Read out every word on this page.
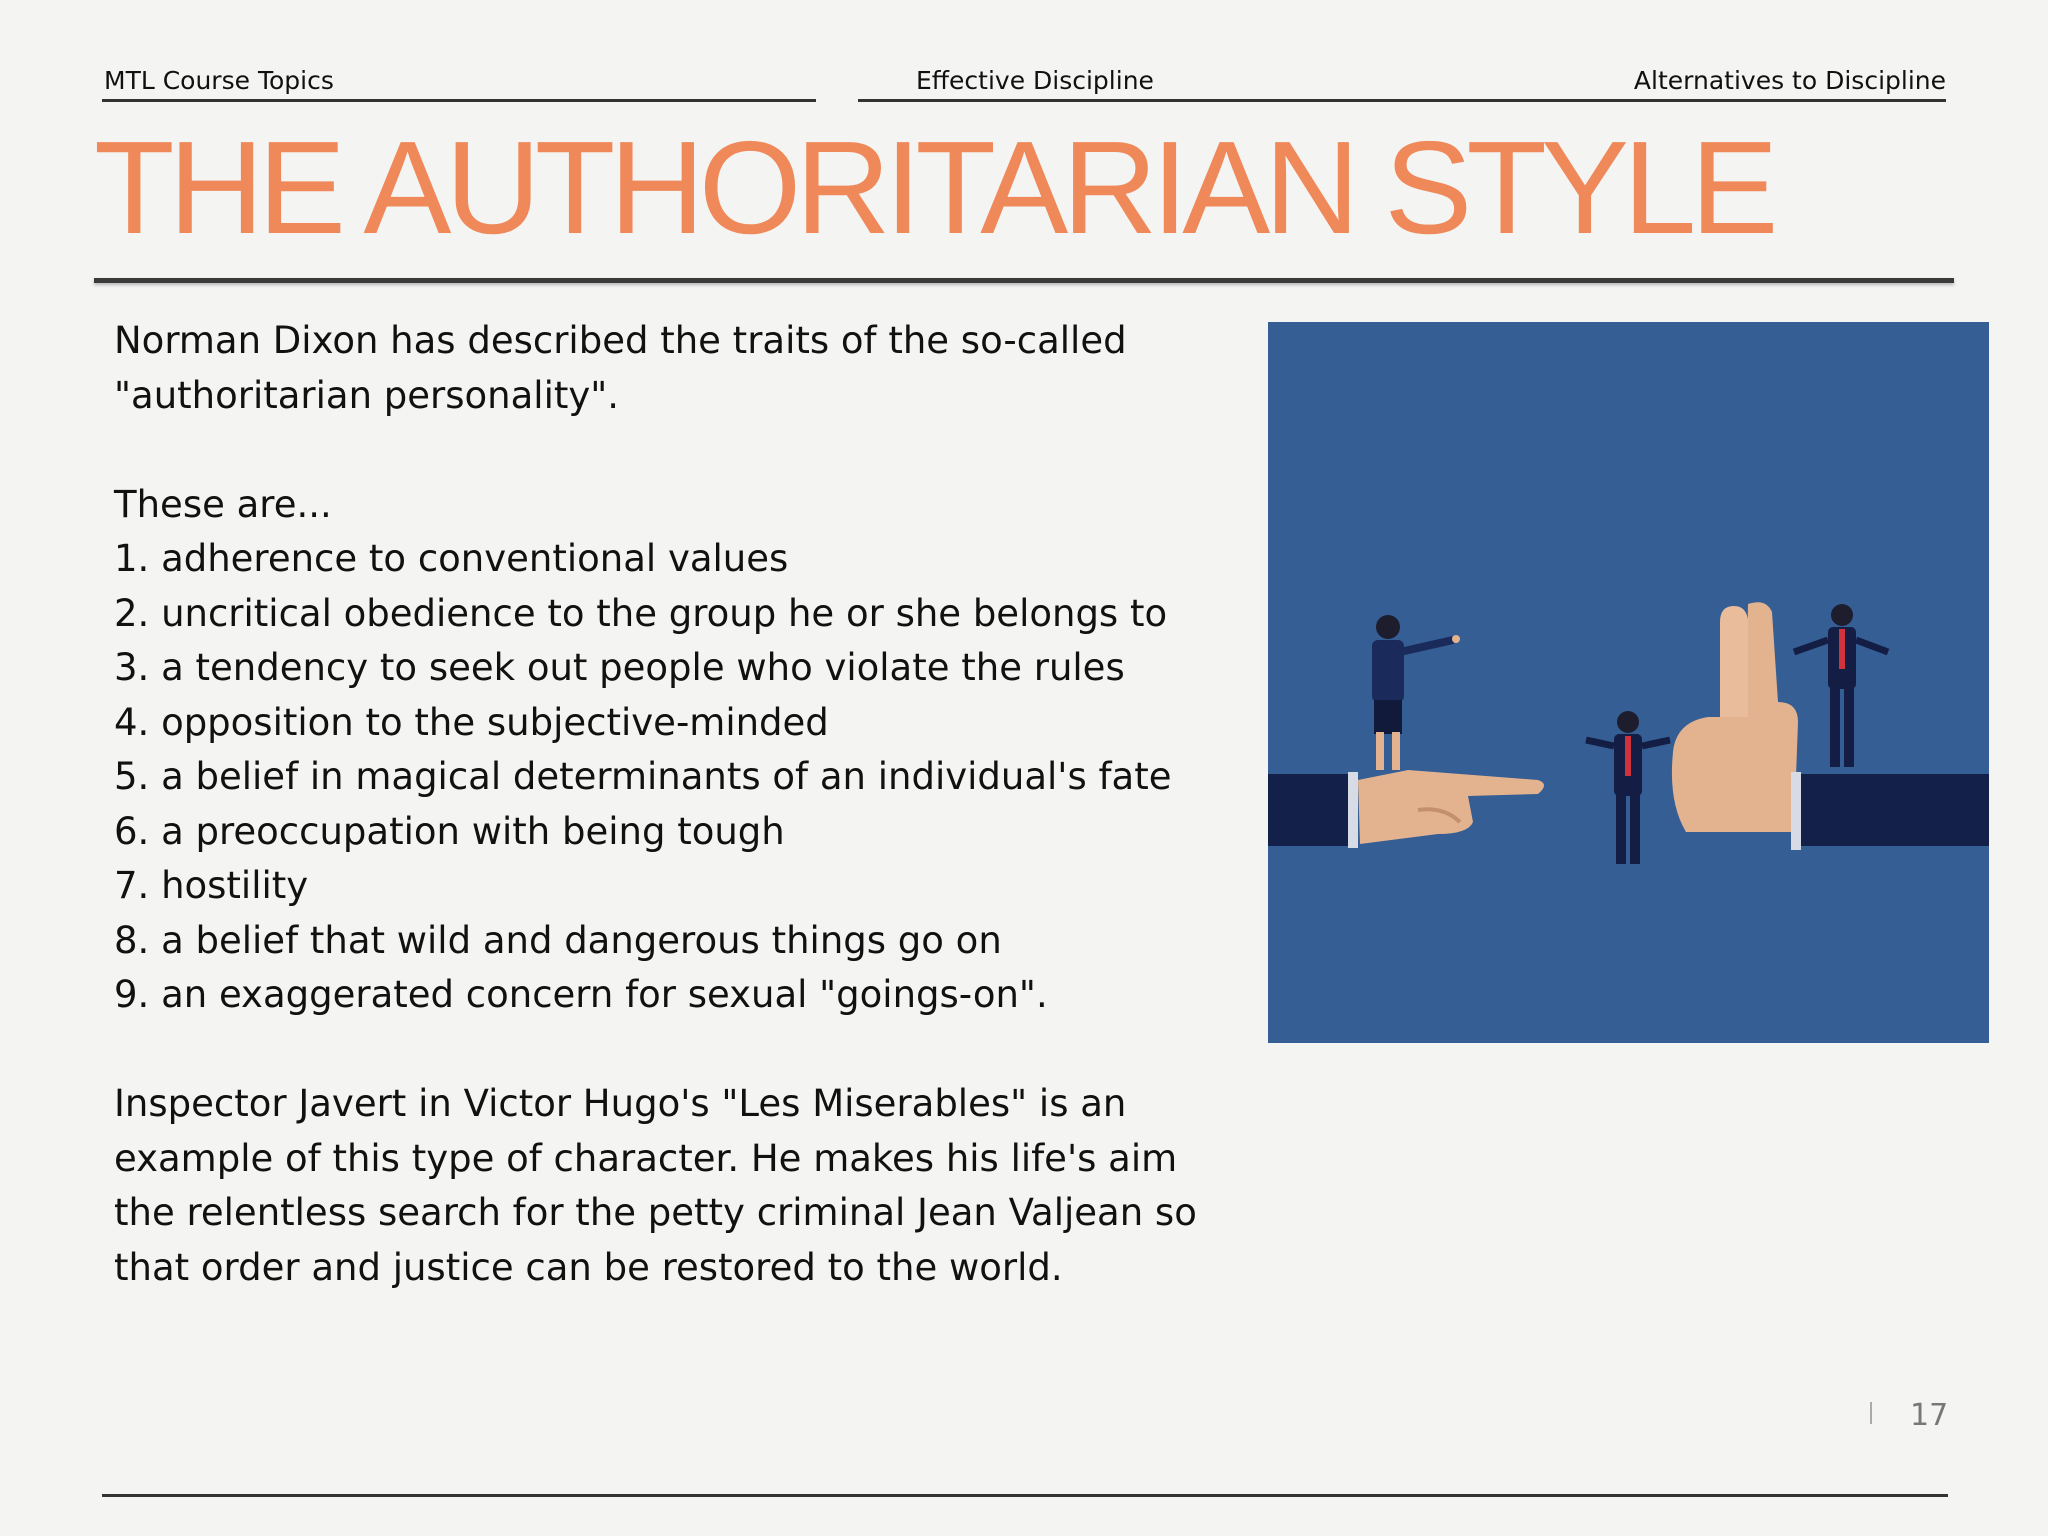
MTL Course Topics	Effective Discipline	Alternatives to Discipline
THE AUTHORITARIAN STYLE

Norman Dixon has described the traits of the so-called

"authoritarian personality".

These are...

1. adherence to conventional values

2. uncritical obedience to the group he or she belongs to

3. a tendency to seek out people who violate the rules

4. opposition to the subjective-minded

5. a belief in magical determinants of an individual's fate

6. a preoccupation with being tough

7. hostility

8. a belief that wild and dangerous things go on

9. an exaggerated concern for sexual "goings-on".

Inspector Javert in Victor Hugo's "Les Miserables" is an

example of this type of character. He makes his life's aim

the relentless search for the petty criminal Jean Valjean so

that order and justice can be restored to the world.

17
